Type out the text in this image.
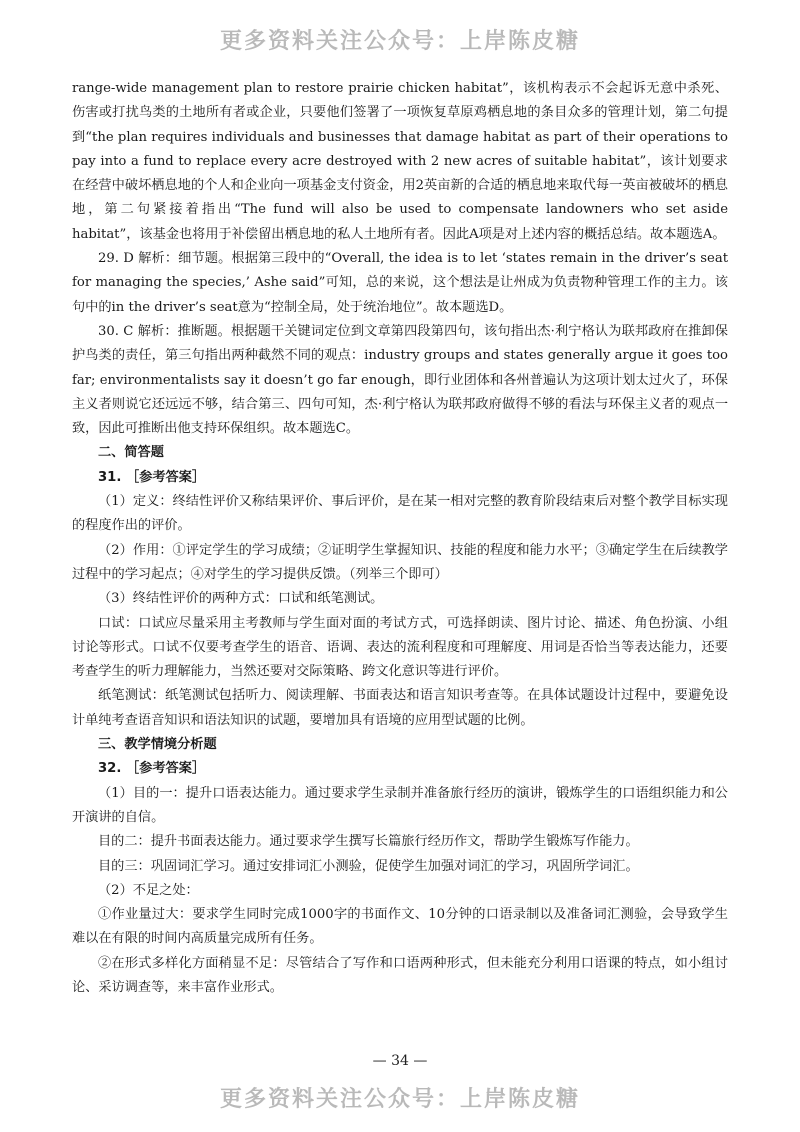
更多资料关注公众号：上岸陈皮糖

range-wide management plan to restore prairie chicken habitat”，该机构表示不会起诉无意中杀死、伤害或打扰鸟类的土地所有者或企业，只要他们签署了一项恢复草原鸡栖息地的条目众多的管理计划，第二句提到“the plan requires individuals and businesses that damage habitat as part of their operations to pay into a fund to replace every acre destroyed with 2 new acres of suitable habitat”，该计划要求在经营中破坏栖息地的个人和企业向一项基金支付资金，用2英亩新的合适的栖息地来取代每一英亩被破坏的栖息地，第二句紧接着指出“The fund will also be used to compensate landowners who set aside habitat”，该基金也将用于补偿留出栖息地的私人土地所有者。因此A项是对上述内容的概括总结。故本题选A。

29. D 解析：细节题。根据第三段中的“Overall, the idea is to let ‘states remain in the driver’s seat for managing the species,’ Ashe said”可知，总的来说，这个想法是让州成为负责物种管理工作的主力。该句中的in the driver’s seat意为“控制全局，处于统治地位”。故本题选D。

30. C 解析：推断题。根据题干关键词定位到文章第四段第四句，该句指出杰·利宁格认为联邦政府在推卸保护鸟类的责任，第三句指出两种截然不同的观点：industry groups and states generally argue it goes too far; environmentalists say it doesn’t go far enough，即行业团体和各州普遍认为这项计划太过火了，环保主义者则说它还远远不够，结合第三、四句可知，杰·利宁格认为联邦政府做得不够的看法与环保主义者的观点一致，因此可推断出他支持环保组织。故本题选C。

二、简答题

31. ［参考答案］

（1）定义：终结性评价又称结果评价、事后评价，是在某一相对完整的教育阶段结束后对整个教学目标实现的程度作出的评价。

（2）作用：①评定学生的学习成绩；②证明学生掌握知识、技能的程度和能力水平；③确定学生在后续教学过程中的学习起点；④对学生的学习提供反馈。（列举三个即可）

（3）终结性评价的两种方式：口试和纸笔测试。

口试：口试应尽量采用主考教师与学生面对面的考试方式，可选择朗读、图片讨论、描述、角色扮演、小组讨论等形式。口试不仅要考查学生的语音、语调、表达的流利程度和可理解度、用词是否恰当等表达能力，还要考查学生的听力理解能力，当然还要对交际策略、跨文化意识等进行评价。

纸笔测试：纸笔测试包括听力、阅读理解、书面表达和语言知识考查等。在具体试题设计过程中，要避免设计单纯考查语音知识和语法知识的试题，要增加具有语境的应用型试题的比例。

三、教学情境分析题

32. ［参考答案］

（1）目的一：提升口语表达能力。通过要求学生录制并准备旅行经历的演讲，锻炼学生的口语组织能力和公开演讲的自信。

目的二：提升书面表达能力。通过要求学生撰写长篇旅行经历作文，帮助学生锻炼写作能力。

目的三：巩固词汇学习。通过安排词汇小测验，促使学生加强对词汇的学习，巩固所学词汇。

（2）不足之处：

①作业量过大：要求学生同时完成1000字的书面作文、10分钟的口语录制以及准备词汇测验，会导致学生难以在有限的时间内高质量完成所有任务。

②在形式多样化方面稍显不足：尽管结合了写作和口语两种形式，但未能充分利用口语课的特点，如小组讨论、采访调查等，来丰富作业形式。

— 34 —
更多资料关注公众号：上岸陈皮糖
